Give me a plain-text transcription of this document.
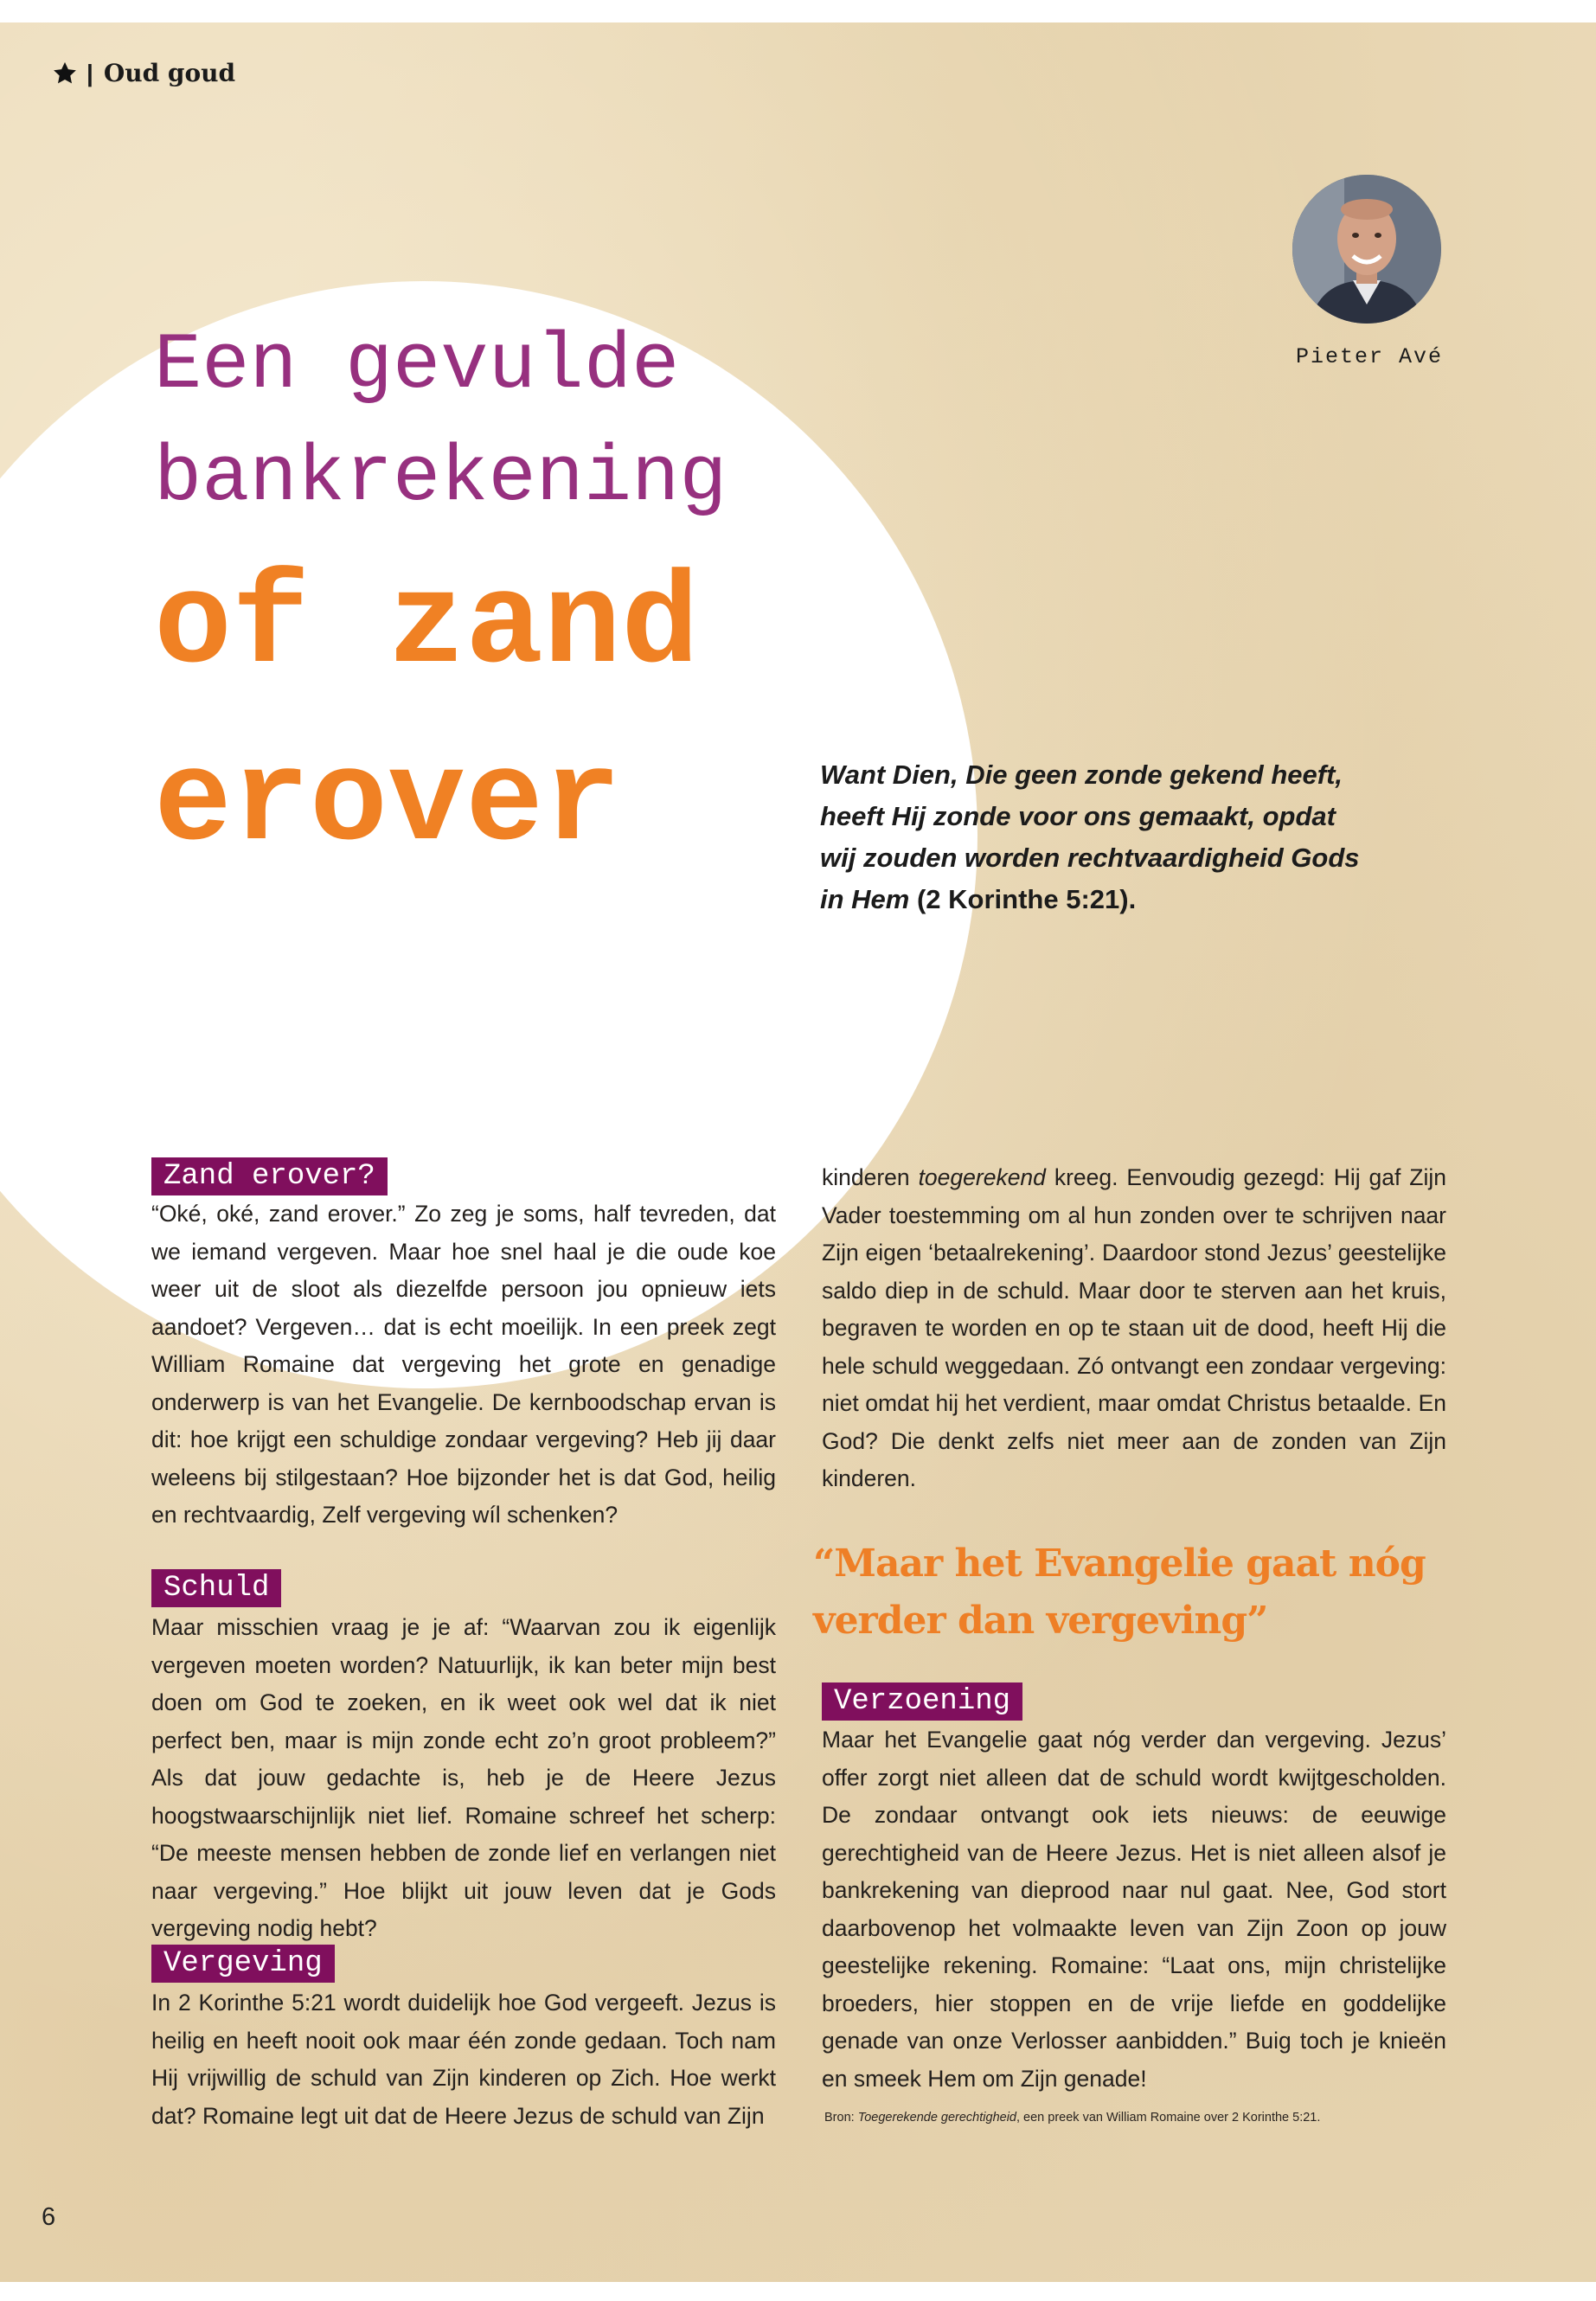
| Oud goud
Een gevulde
bankrekening
of zand
erover
Pieter Avé
Want Dien, Die geen zonde gekend heeft, heeft Hij zonde voor ons gemaakt, opdat wij zouden worden rechtvaardigheid Gods in Hem (2 Korinthe 5:21).
Zand erover?
Schuld
Vergeving

“Oké, oké, zand erover.” Zo zeg je soms, half tevreden, dat we iemand vergeven. Maar hoe snel haal je die oude koe weer uit de sloot als diezelfde persoon jou opnieuw iets aandoet? Vergeven… dat is echt moeilijk. In een preek zegt William Romaine dat vergeving het grote en genadige onderwerp is van het Evangelie. De kernboodschap ervan is dit: hoe krijgt een schuldige zondaar vergeving? Heb jij daar weleens bij stilgestaan? Hoe bijzonder het is dat God, heilig en rechtvaardig, Zelf vergeving wíl schenken?

Maar misschien vraag je je af: “Waarvan zou ik eigenlijk vergeven moeten worden? Natuurlijk, ik kan beter mijn best doen om God te zoeken, en ik weet ook wel dat ik niet perfect ben, maar is mijn zonde echt zo’n groot probleem?” Als dat jouw gedachte is, heb je de Heere Jezus hoogstwaarschijnlijk niet lief. Romaine schreef het scherp: “De meeste mensen hebben de zonde lief en verlangen niet naar vergeving.” Hoe blijkt uit jouw leven dat je Gods vergeving nodig hebt?

In 2 Korinthe 5:21 wordt duidelijk hoe God vergeeft. Jezus is heilig en heeft nooit ook maar één zonde gedaan. Toch nam Hij vrijwillig de schuld van Zijn kinderen op Zich. Hoe werkt dat? Romaine legt uit dat de Heere Jezus de schuld van Zijn

kinderen toegerekend kreeg. Eenvoudig gezegd: Hij gaf Zijn Vader toestemming om al hun zonden over te schrijven naar Zijn eigen ‘betaalrekening’. Daardoor stond Jezus’ geestelijke saldo diep in de schuld. Maar door te sterven aan het kruis, begraven te worden en op te staan uit de dood, heeft Hij die hele schuld weggedaan. Zó ontvangt een zondaar vergeving: niet omdat hij het verdient, maar omdat Christus betaalde. En God? Die denkt zelfs niet meer aan de zonden van Zijn kinderen.

“Maar het Evangelie gaat nóg verder dan vergeving”
Verzoening

Maar het Evangelie gaat nóg verder dan vergeving. Jezus’ offer zorgt niet alleen dat de schuld wordt kwijtgescholden. De zondaar ontvangt ook iets nieuws: de eeuwige gerechtigheid van de Heere Jezus. Het is niet alleen alsof je bankrekening van dieprood naar nul gaat. Nee, God stort daarbovenop het volmaakte leven van Zijn Zoon op jouw geestelijke rekening. Romaine: “Laat ons, mijn christelijke broeders, hier stoppen en de vrije liefde en goddelijke genade van onze Verlosser aanbidden.” Buig toch je knieën en smeek Hem om Zijn genade!

Bron: Toegerekende gerechtigheid, een preek van William Romaine over 2 Korinthe 5:21.
6
